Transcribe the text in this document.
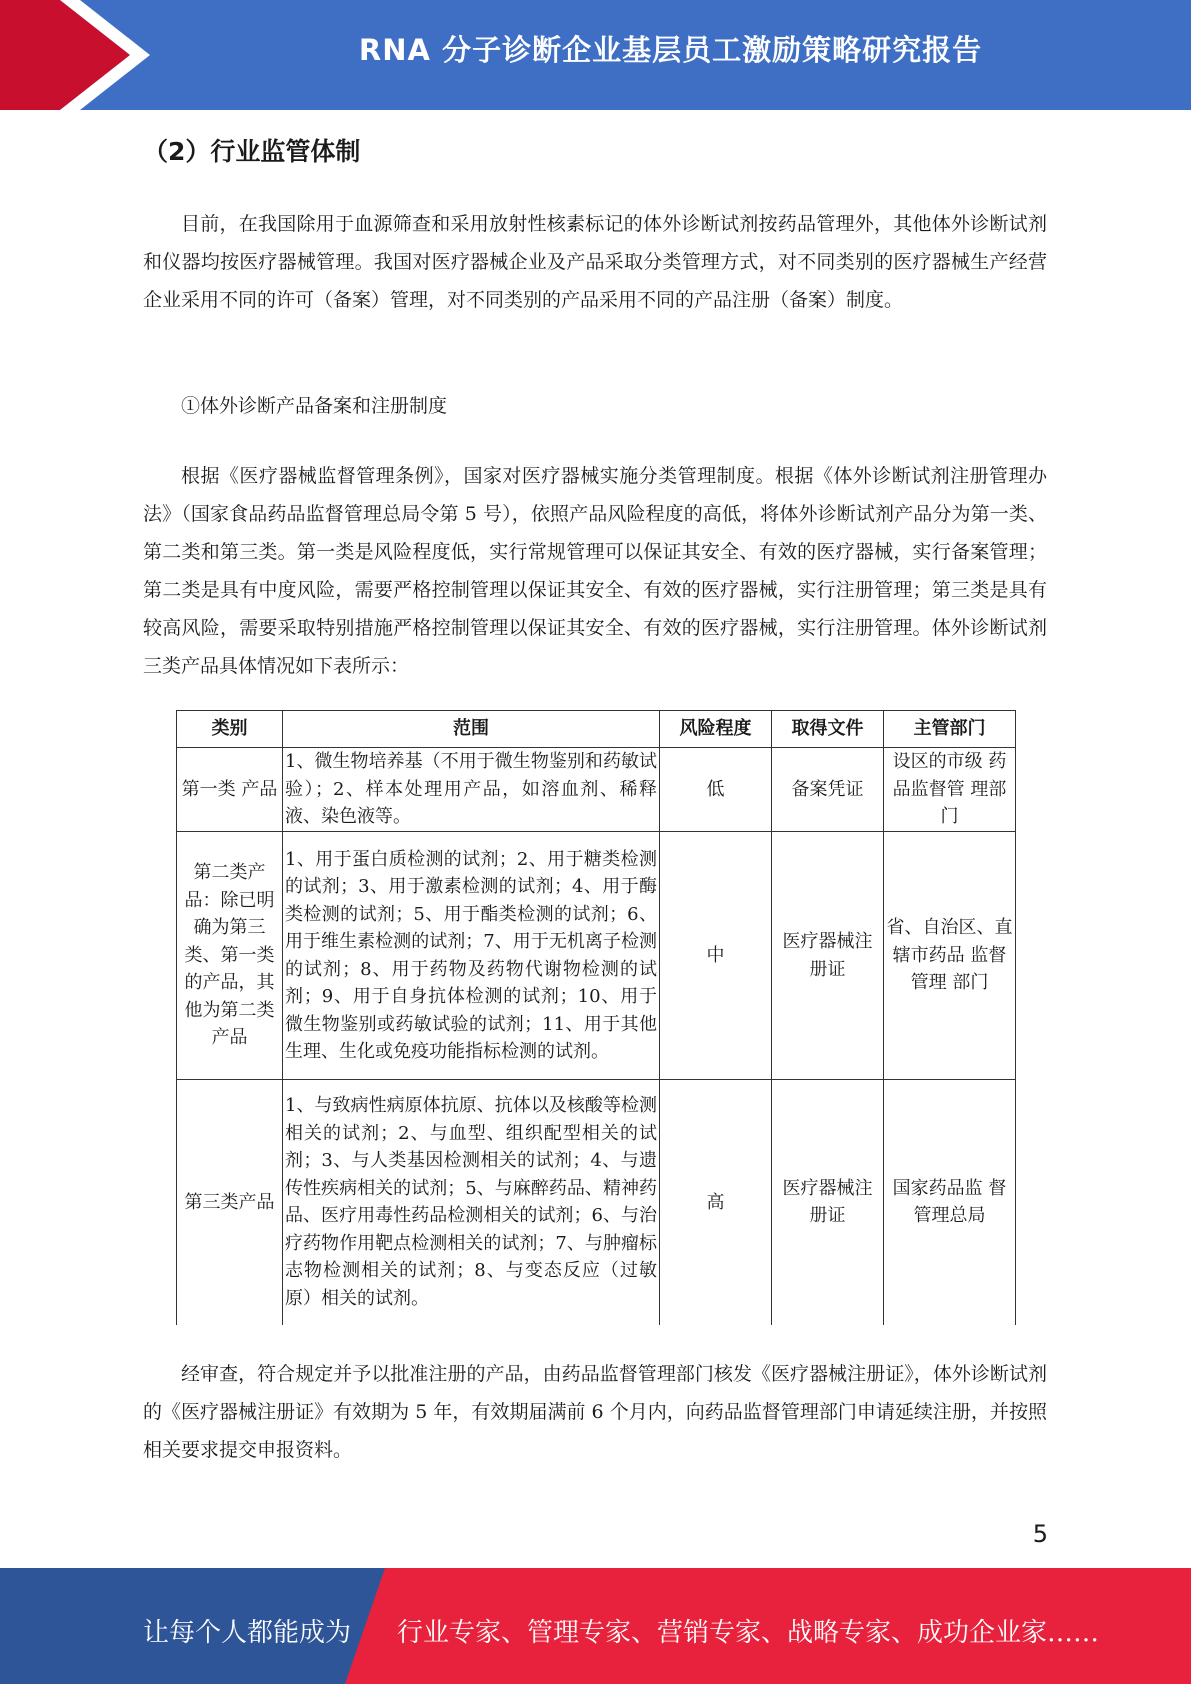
RNA 分子诊断企业基层员工激励策略研究报告
（2）行业监管体制

目前，在我国除用于血源筛查和采用放射性核素标记的体外诊断试剂按药品管理外，其他体外诊断试剂和仪器均按医疗器械管理。我国对医疗器械企业及产品采取分类管理方式，对不同类别的医疗器械生产经营企业采用不同的许可（备案）管理，对不同类别的产品采用不同的产品注册（备案）制度。

①体外诊断产品备案和注册制度

根据《医疗器械监督管理条例》，国家对医疗器械实施分类管理制度。根据《体外诊断试剂注册管理办法》（国家食品药品监督管理总局令第 5 号），依照产品风险程度的高低，将体外诊断试剂产品分为第一类、第二类和第三类。第一类是风险程度低，实行常规管理可以保证其安全、有效的医疗器械，实行备案管理；第二类是具有中度风险，需要严格控制管理以保证其安全、有效的医疗器械，实行注册管理；第三类是具有较高风险，需要采取特别措施严格控制管理以保证其安全、有效的医疗器械，实行注册管理。体外诊断试剂三类产品具体情况如下表所示：

类别	范围	风险程度	取得文件	主管部门
第一类 产品	1、微生物培养基（不用于微生物鉴别和药敏试验）；2、样本处理用产品，如溶血剂、稀释液、染色液等。	低	备案凭证	设区的市级 药品监督管 理部门
第二类产品：除已明确为第三类、第一类的产品，其他为第二类产品	1、用于蛋白质检测的试剂；2、用于糖类检测的试剂；3、用于激素检测的试剂；4、用于酶类检测的试剂；5、用于酯类检测的试剂；6、用于维生素检测的试剂；7、用于无机离子检测的试剂；8、用于药物及药物代谢物检测的试剂；9、用于自身抗体检测的试剂；10、用于微生物鉴别或药敏试验的试剂；11、用于其他生理、生化或免疫功能指标检测的试剂。	中	医疗器械注册证	省、自治区、直辖市药品 监督管理 部门
第三类产品	1、与致病性病原体抗原、抗体以及核酸等检测相关的试剂；2、与血型、组织配型相关的试剂；3、与人类基因检测相关的试剂；4、与遗传性疾病相关的试剂；5、与麻醉药品、精神药品、医疗用毒性药品检测相关的试剂；6、与治疗药物作用靶点检测相关的试剂；7、与肿瘤标志物检测相关的试剂；8、与变态反应（过敏原）相关的试剂。	高	医疗器械注册证	国家药品监 督管理总局

经审查，符合规定并予以批准注册的产品，由药品监督管理部门核发《医疗器械注册证》，体外诊断试剂的《医疗器械注册证》有效期为 5 年，有效期届满前 6 个月内，向药品监督管理部门申请延续注册，并按照相关要求提交申报资料。

5
让每个人都能成为 行业专家、管理专家、营销专家、战略专家、成功企业家……
